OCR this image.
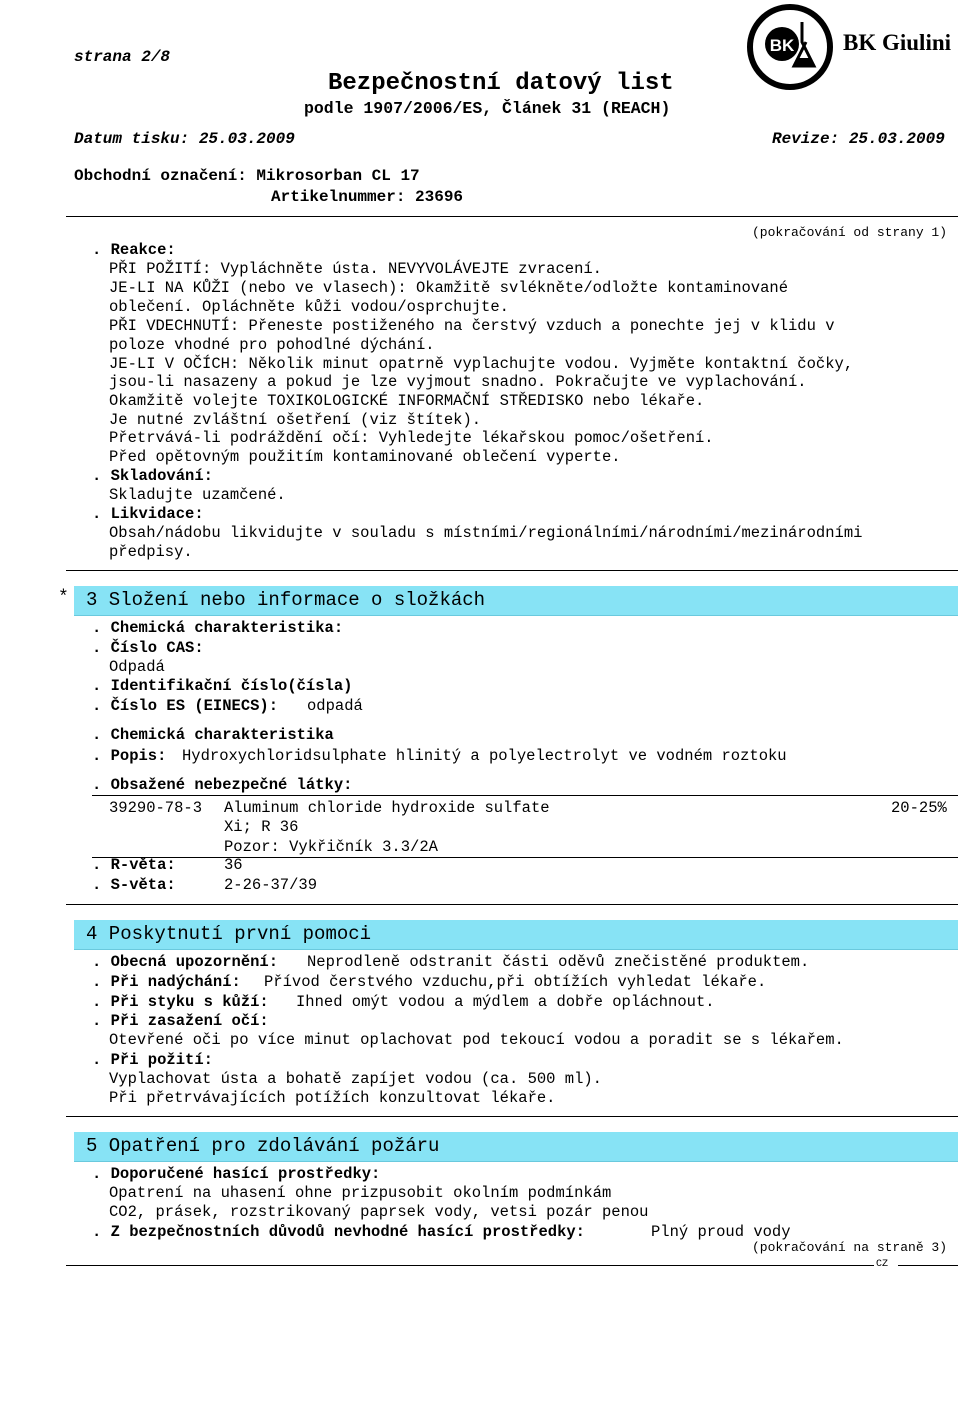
strana 2/8
Bezpečnostní datový list
podle 1907/2006/ES, Článek 31 (REACH)
BK BK Giulini
Datum tisku: 25.03.2009	Revize: 25.03.2009
Obchodní označení: Mikrosorban CL 17
Artikelnummer: 23696
(pokračování od strany 1)
. Reakce:
PŘI POŽITÍ: Vypláchněte ústa. NEVYVOLÁVEJTE zvracení.
JE-LI NA KŮŽI (nebo ve vlasech): Okamžitě svlékněte/odložte kontaminované
oblečení. Opláchněte kůži vodou/osprchujte.
PŘI VDECHNUTÍ: Přeneste postiženého na čerstvý vzduch a ponechte jej v klidu v
poloze vhodné pro pohodlné dýchání.
JE-LI V OČÍCH: Několik minut opatrně vyplachujte vodou. Vyjměte kontaktní čočky,
jsou-li nasazeny a pokud je lze vyjmout snadno. Pokračujte ve vyplachování.
Okamžitě volejte TOXIKOLOGICKÉ INFORMAČNÍ STŘEDISKO nebo lékaře.
Je nutné zvláštní ošetření (viz štítek).
Přetrvává-li podráždění očí: Vyhledejte lékařskou pomoc/ošetření.
Před opětovným použitím kontaminované oblečení vyperte.
. Skladování:
Skladujte uzamčené.
. Likvidace:
Obsah/nádobu likvidujte v souladu s místními/regionálními/národními/mezinárodními
předpisy.
* 3 Složení nebo informace o složkách
. Chemická charakteristika:
. Číslo CAS:
Odpadá
. Identifikační číslo(čísla)
. Číslo ES (EINECS): odpadá
. Chemická charakteristika
. Popis: Hydroxychloridsulphate hlinitý a polyelectrolyt ve vodném roztoku
. Obsažené nebezpečné látky:
39290-78-3 Aluminum chloride hydroxide sulfate	20-25%
Xi; R 36
Pozor: Vykřičník 3.3/2A
. R-věta:	36
. S-věta:	2-26-37/39
4 Poskytnutí první pomoci
. Obecná upozornění: Neprodleně odstranit části oděvů znečistěné produktem.
. Při nadýchání: Přívod čerstvého vzduchu,při obtížích vyhledat lékaře.
. Při styku s kůží: Ihned omýt vodou a mýdlem a dobře opláchnout.
. Při zasažení očí:
Otevřené oči po více minut oplachovat pod tekoucí vodou a poradit se s lékařem.
. Při požití:
Vyplachovat ústa a bohatě zapíjet vodou (ca. 500 ml).
Při přetrvávajících potížích konzultovat lékaře.
5 Opatření pro zdolávání požáru
. Doporučené hasící prostředky:
Opatrení na uhasení ohne prizpusobit okolním podmínkám
CO2, prásek, rozstrikovaný paprsek vody, vetsi pozár penou
. Z bezpečnostních důvodů nevhodné hasící prostředky:	Plný proud vody
(pokračování na straně 3)
CZ
